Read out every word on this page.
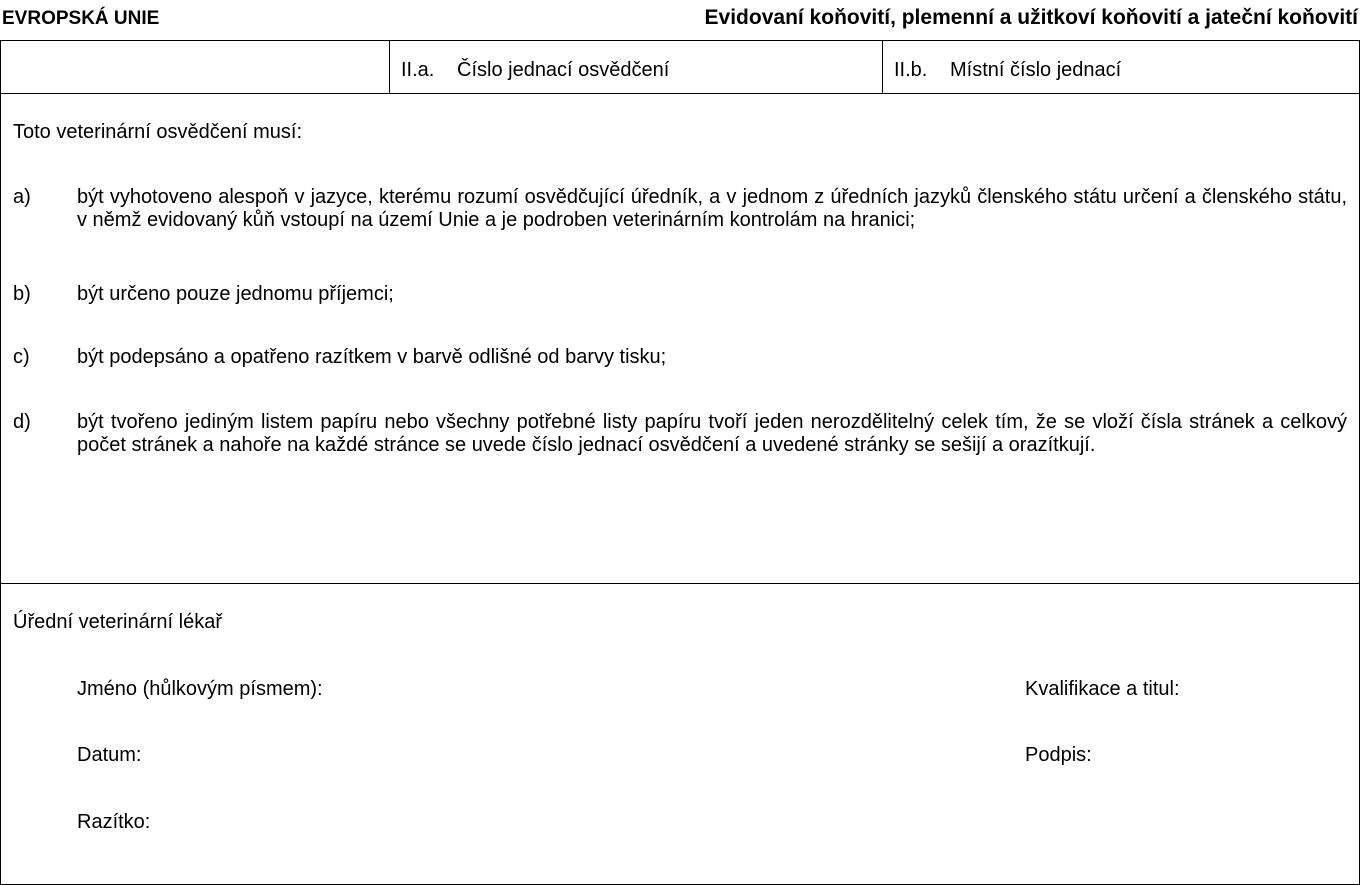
EVROPSKÁ UNIE	Evidovaní koňovití, plemenní a užitkoví koňovití a jateční koňovití
II.a. Číslo jednací osvědčení	II.b. Místní číslo jednací
Toto veterinární osvědčení musí:
a) být vyhotoveno alespoň v jazyce, kterému rozumí osvědčující úředník, a v jednom z úředních jazyků členského státu určení a členského státu, v němž evidovaný kůň vstoupí na území Unie a je podroben veterinárním kontrolám na hranici;
b) být určeno pouze jednomu příjemci;
c) být podepsáno a opatřeno razítkem v barvě odlišné od barvy tisku;
d) být tvořeno jediným listem papíru nebo všechny potřebné listy papíru tvoří jeden nerozdělitelný celek tím, že se vloží čísla stránek a celkový počet stránek a nahoře na každé stránce se uvede číslo jednací osvědčení a uvedené stránky se sešijí a orazítkují.
Úřední veterinární lékař
Jméno (hůlkovým písmem):	Kvalifikace a titul:
Datum:	Podpis:
Razítko:
